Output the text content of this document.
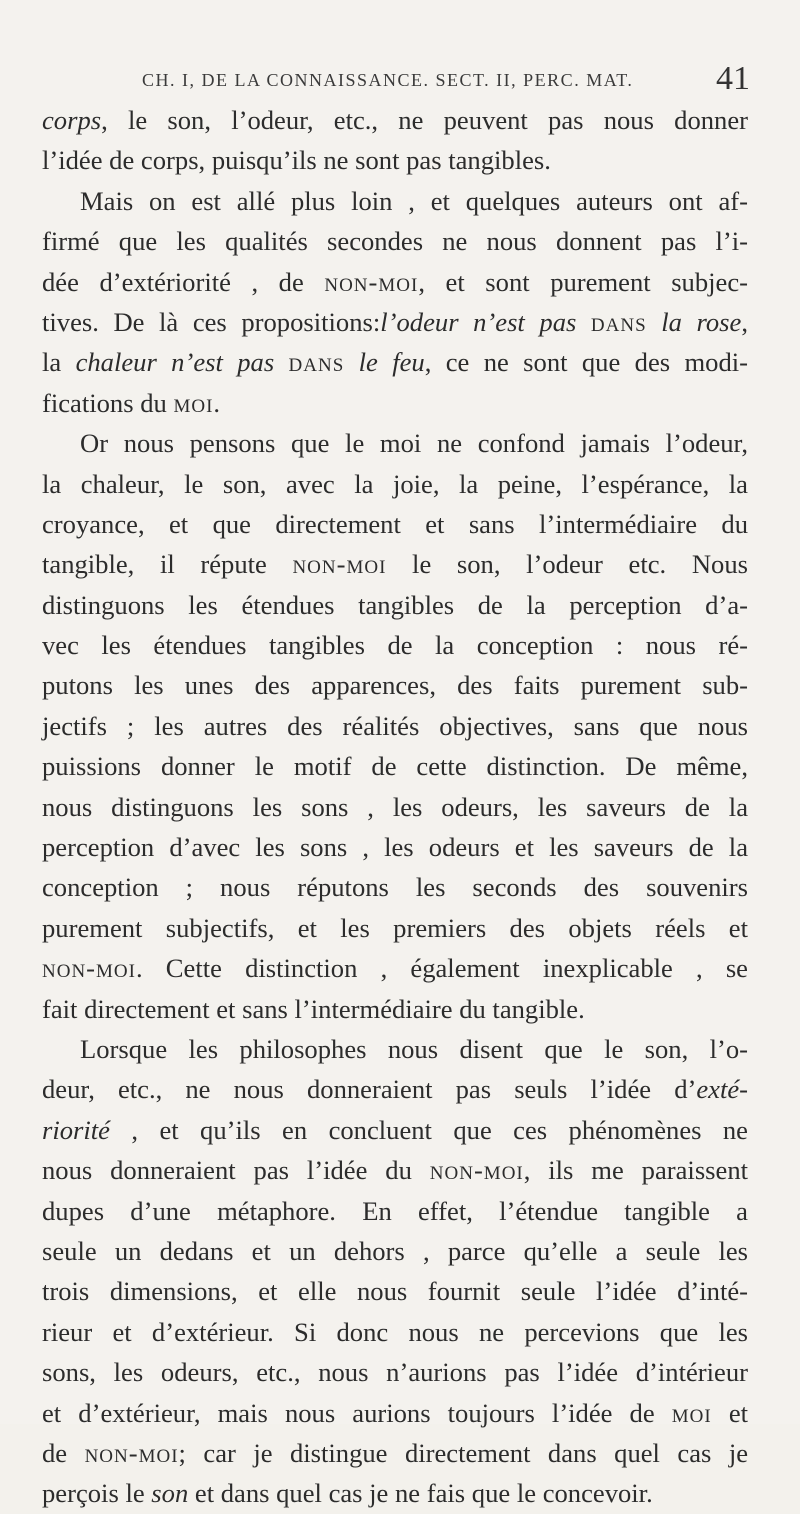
CH. I, DE LA CONNAISSANCE. SECT. II, PERC. MAT. 41
corps, le son, l’odeur, etc., ne peuvent pas nous donner
l’idée de corps, puisqu’ils ne sont pas tangibles.
Mais on est allé plus loin , et quelques auteurs ont af-
firmé que les qualités secondes ne nous donnent pas l’i-
dée d’extériorité , de non-moi, et sont purement subjec-
tives. De là ces propositions:l’odeur n’est pas dans la rose,
la chaleur n’est pas dans le feu, ce ne sont que des modi-
fications du moi.
Or nous pensons que le moi ne confond jamais l’odeur,
la chaleur, le son, avec la joie, la peine, l’espérance, la
croyance, et que directement et sans l’intermédiaire du
tangible, il répute non-moi le son, l’odeur etc. Nous
distinguons les étendues tangibles de la perception d’a-
vec les étendues tangibles de la conception : nous ré-
putons les unes des apparences, des faits purement sub-
jectifs ; les autres des réalités objectives, sans que nous
puissions donner le motif de cette distinction. De même,
nous distinguons les sons , les odeurs, les saveurs de la
perception d’avec les sons , les odeurs et les saveurs de la
conception ; nous réputons les seconds des souvenirs
purement subjectifs, et les premiers des objets réels et
non-moi. Cette distinction , également inexplicable , se
fait directement et sans l’intermédiaire du tangible.
Lorsque les philosophes nous disent que le son, l’o-
deur, etc., ne nous donneraient pas seuls l’idée d’exté-
riorité , et qu’ils en concluent que ces phénomènes ne
nous donneraient pas l’idée du non-moi, ils me paraissent
dupes d’une métaphore. En effet, l’étendue tangible a
seule un dedans et un dehors , parce qu’elle a seule les
trois dimensions, et elle nous fournit seule l’idée d’inté-
rieur et d’extérieur. Si donc nous ne percevions que les
sons, les odeurs, etc., nous n’aurions pas l’idée d’intérieur
et d’extérieur, mais nous aurions toujours l’idée de moi et
de non-moi; car je distingue directement dans quel cas je
perçois le son et dans quel cas je ne fais que le concevoir.
